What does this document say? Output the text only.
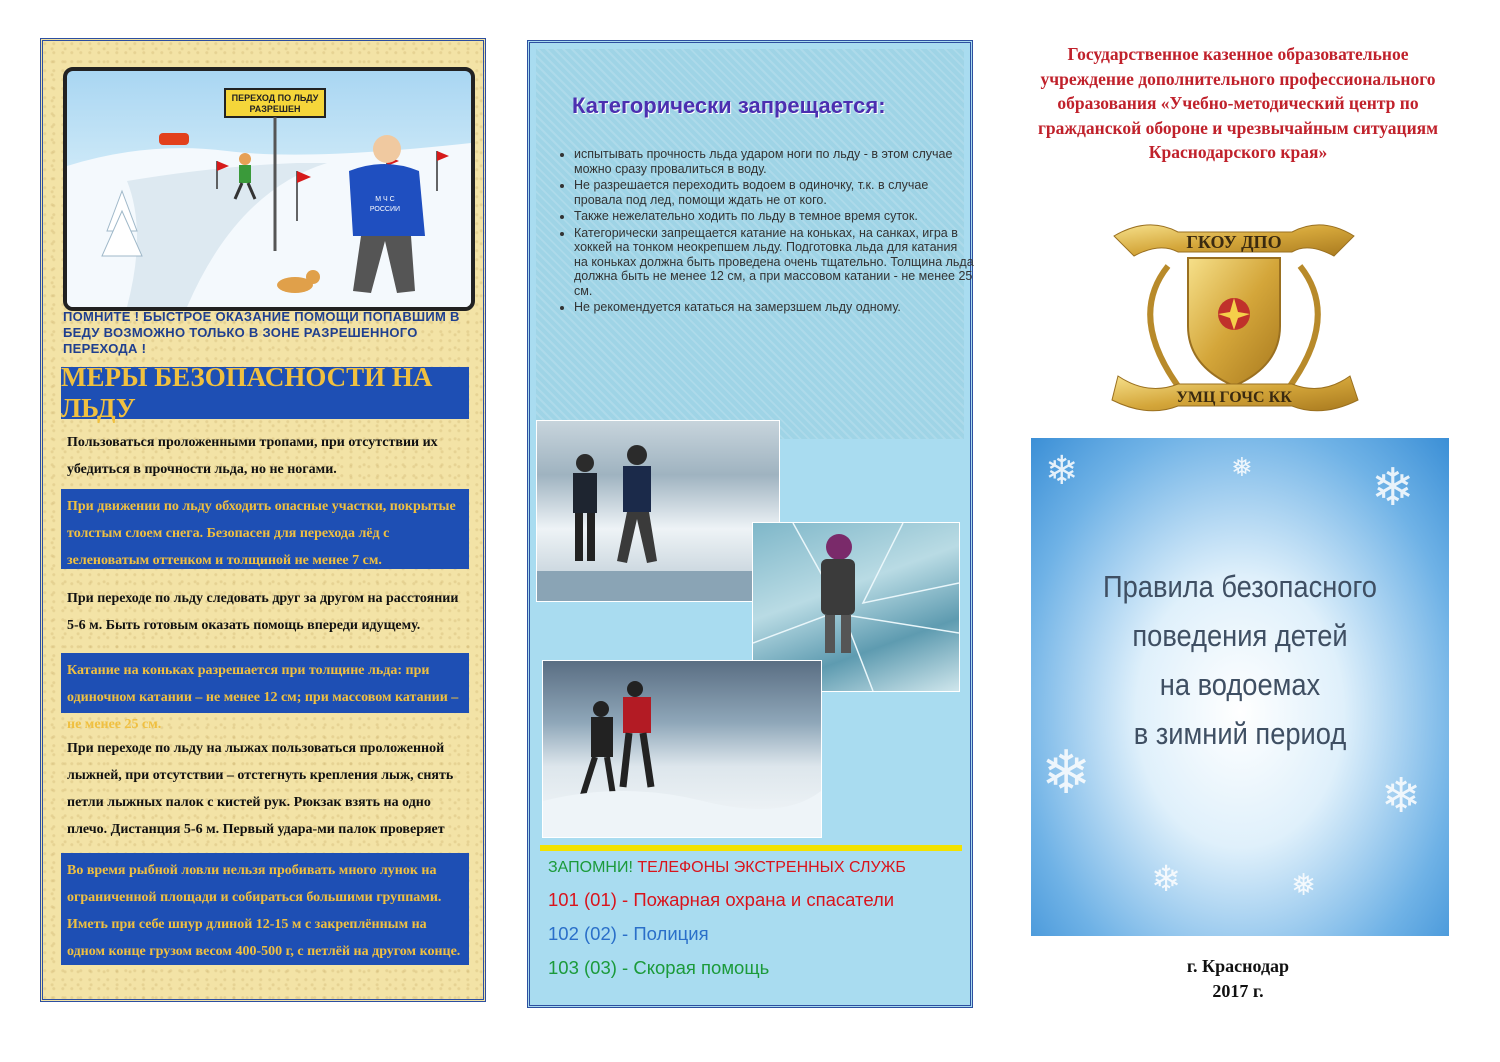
ПЕРЕХОД ПО ЛЬДУ
РАЗРЕШЕН
М Ч С
РОССИИ
ПОМНИТЕ ! БЫСТРОЕ ОКАЗАНИЕ ПОМОЩИ ПОПАВШИМ В БЕДУ ВОЗМОЖНО ТОЛЬКО В ЗОНЕ РАЗРЕШЕННОГО ПЕРЕХОДА !
МЕРЫ БЕЗОПАСНОСТИ НА ЛЬДУ
Пользоваться проложенными тропами, при отсутствии их убедиться в прочности льда, но не ногами.
При движении по льду обходить опасные участки, покрытые толстым слоем снега. Безопасен для перехода лёд с зеленоватым оттенком и толщиной не менее 7 см.
При переходе по льду следовать друг за другом на расстоянии 5-6 м. Быть готовым оказать помощь впереди идущему.
Катание на коньках разрешается при толщине льда: при одиночном катании – не менее 12 см; при массовом катании – не менее 25 см.
При переходе по льду на лыжах пользоваться проложенной лыжней, при отсутствии – отстегнуть крепления лыж, снять петли лыжных палок с кистей рук. Рюкзак взять на одно плечо. Дистанция 5-6 м. Первый удара-ми палок проверяет
Во время рыбной ловли нельзя пробивать много лунок на ограниченной площади и собираться большими группами. Иметь при себе шнур длиной 12-15 м с закреплённым на одном конце грузом весом 400-500 г, с петлёй на другом конце.
Категорически запрещается:
• испытывать прочность льда ударом ноги по льду - в этом случае можно сразу провалиться в воду.
• Не разрешается переходить водоем в одиночку, т.к. в случае провала под лед, помощи ждать не от кого.
• Также нежелательно ходить по льду в темное время суток.
• Категорически запрещается катание на коньках, на санках, игра в хоккей на тонком неокрепшем льду. Подготовка льда для катания на коньках должна быть проведена очень тщательно. Толщина льда должна быть не менее 12 см, а при массовом катании - не менее 25 см.
• Не рекомендуется кататься на замерзшем льду одному.
ЗАПОМНИ! ТЕЛЕФОНЫ ЭКСТРЕННЫХ СЛУЖБ
101 (01) - Пожарная охрана и спасатели
102 (02) - Полиция
103 (03) - Скорая помощь
Государственное казенное образовательное учреждение дополнительного профессионального образования «Учебно-методический центр по гражданской обороне и чрезвычайным ситуациям Краснодарского края»
ГКОУ ДПО
УМЦ ГОЧС КК
❄	❄
❄	❄
❄	❅
❅
Правила безопасного
поведения детей
на водоемах
в зимний период
г. Краснодар
2017 г.
